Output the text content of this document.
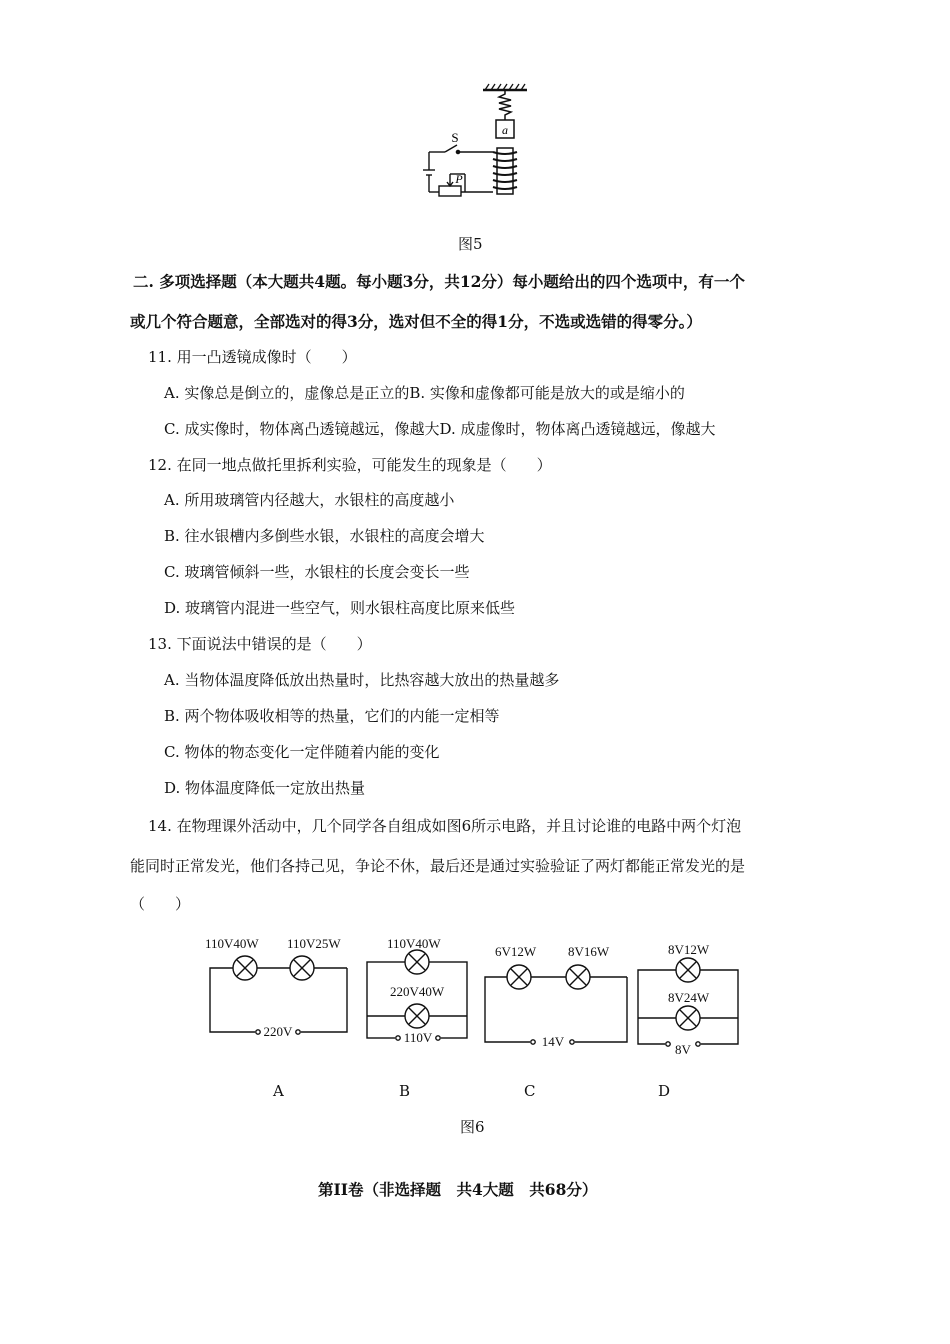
a
S
P
图5
二. 多项选择题（本大题共4题。每小题3分，共12分）每小题给出的四个选项中，有一个
或几个符合题意，全部选对的得3分，选对但不全的得1分，不选或选错的得零分。）
11. 用一凸透镜成像时（　　）
A. 实像总是倒立的，虚像总是正立的B. 实像和虚像都可能是放大的或是缩小的
C. 成实像时，物体离凸透镜越远，像越大D. 成虚像时，物体离凸透镜越远，像越大
12. 在同一地点做托里拆利实验，可能发生的现象是（　　）
A. 所用玻璃管内径越大，水银柱的高度越小
B. 往水银槽内多倒些水银，水银柱的高度会增大
C. 玻璃管倾斜一些，水银柱的长度会变长一些
D. 玻璃管内混进一些空气，则水银柱高度比原来低些
13. 下面说法中错误的是（　　）
A. 当物体温度降低放出热量时，比热容越大放出的热量越多
B. 两个物体吸收相等的热量，它们的内能一定相等
C. 物体的物态变化一定伴随着内能的变化
D. 物体温度降低一定放出热量
14. 在物理课外活动中，几个同学各自组成如图6所示电路，并且讨论谁的电路中两个灯泡
能同时正常发光，他们各持己见，争论不休，最后还是通过实验验证了两灯都能正常发光的是
（　　）
110V40W 110V25W
220V
110V40W
220V40W
110V
6V12W 8V16W
14V
8V12W
8V24W
8V
A	B	C	D
图6
第II卷（非选择题　共4大题　共68分）
